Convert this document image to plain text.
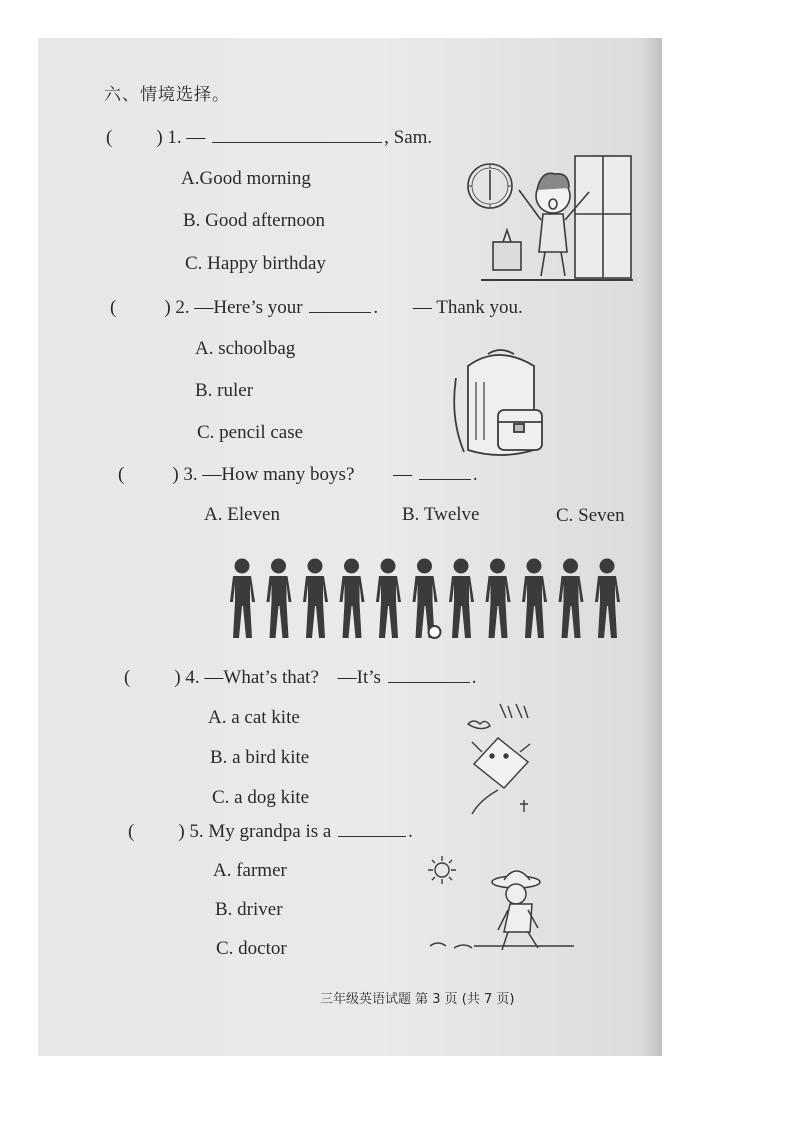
六、情境选择。
( ) 1. —	, Sam.
A.Good morning
B. Good afternoon
C. Happy birthday
(	) 2. —Here’s your	. — Thank you.
A. schoolbag
B. ruler
C. pencil case
(	) 3. —How many boys? —	.
A. Eleven	B. Twelve	C. Seven
( ) 4. —What’s that? —It’s	.
A. a cat kite
B. a bird kite
C. a dog kite
( ) 5. My grandpa is a	.
A. farmer
B. driver
C. doctor
三年级英语试题 第 3 页 (共 7 页)
